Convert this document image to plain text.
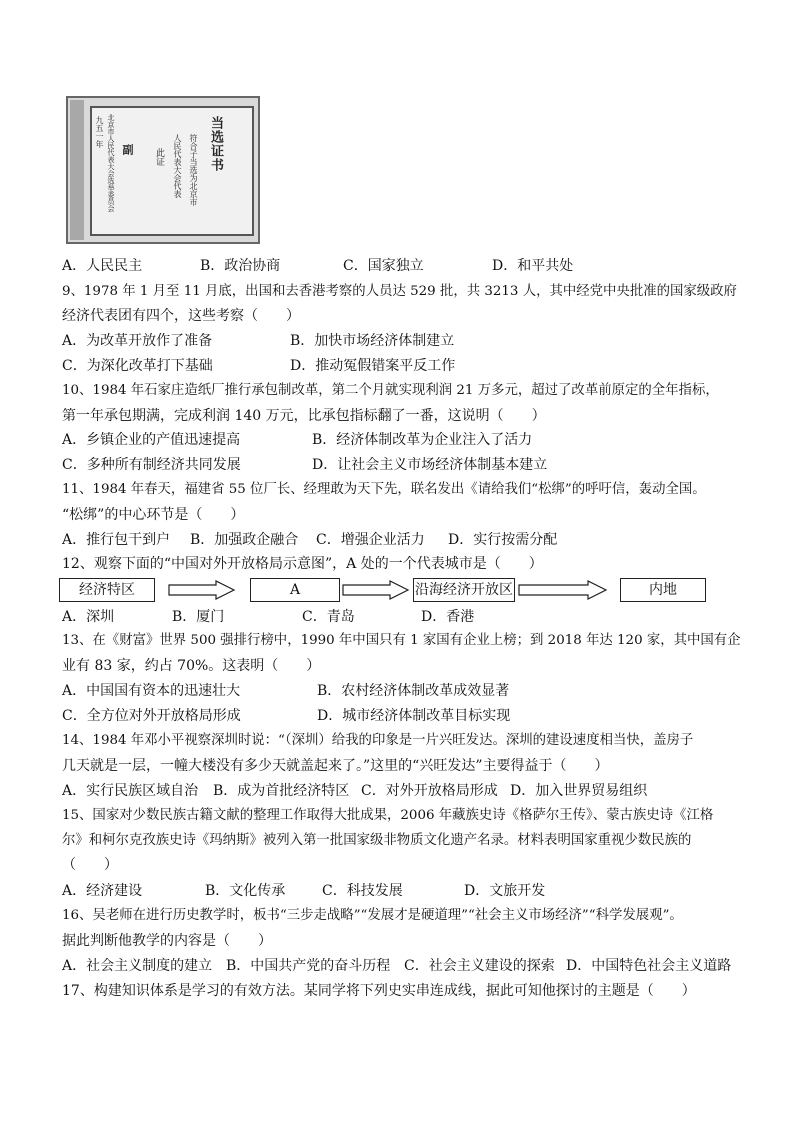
九五一年 北京市人民代表大会选举委员会 副 此证 人民代表大会代表 符合子当选为北京市 当选证书
A．人民民主	B．政治协商	C．国家独立	D．和平共处
9、1978 年 1 月至 11 月底，出国和去香港考察的人员达 529 批，共 3213 人，其中经党中央批准的国家级政府
经济代表团有四个，这些考察（　　）
A．为改革开放作了准备	B．加快市场经济体制建立
C．为深化改革打下基础	D．推动冤假错案平反工作
10、1984 年石家庄造纸厂推行承包制改革，第二个月就实现利润 21 万多元，超过了改革前原定的全年指标，
第一年承包期满，完成利润 140 万元，比承包指标翻了一番，这说明（　　）
A．乡镇企业的产值迅速提高	B．经济体制改革为企业注入了活力
C．多种所有制经济共同发展	D．让社会主义市场经济体制基本建立
11、1984 年春天，福建省 55 位厂长、经理敢为天下先，联名发出《请给我们“松绑”的呼吁信，轰动全国。
“松绑”的中心环节是（　　）
A．推行包干到户 B．加强政企融合 C．增强企业活力 D．实行按需分配
12、观察下面的“中国对外开放格局示意图”，A 处的一个代表城市是（　　）
经济特区	A	沿海经济开放区	内地
A．深圳	B．厦门	C．青岛	D．香港
13、在《财富》世界 500 强排行榜中，1990 年中国只有 1 家国有企业上榜；到 2018 年达 120 家，其中国有企
业有 83 家，约占 70%。这表明（　　）
A．中国国有资本的迅速壮大	B．农村经济体制改革成效显著
C．全方位对外开放格局形成	D．城市经济体制改革目标实现
14、1984 年邓小平视察深圳时说：“（深圳）给我的印象是一片兴旺发达。深圳的建设速度相当快，盖房子
几天就是一层，一幢大楼没有多少天就盖起来了。”这里的“兴旺发达”主要得益于（　　）
A．实行民族区域自治 B．成为首批经济特区 C．对外开放格局形成 D．加入世界贸易组织
15、国家对少数民族古籍文献的整理工作取得大批成果，2006 年藏族史诗《格萨尔王传》、蒙古族史诗《江格
尔》和柯尔克孜族史诗《玛纳斯》被列入第一批国家级非物质文化遗产名录。材料表明国家重视少数民族的
（　　）
A．经济建设	B．文化传承	C．科技发展	D．文旅开发
16、吴老师在进行历史教学时，板书“三步走战略”“发展才是硬道理”“社会主义市场经济”“科学发展观”。
据此判断他教学的内容是（　　）
A．社会主义制度的建立 B．中国共产党的奋斗历程 C．社会主义建设的探索 D．中国特色社会主义道路
17、构建知识体系是学习的有效方法。某同学将下列史实串连成线，据此可知他探讨的主题是（　　）
